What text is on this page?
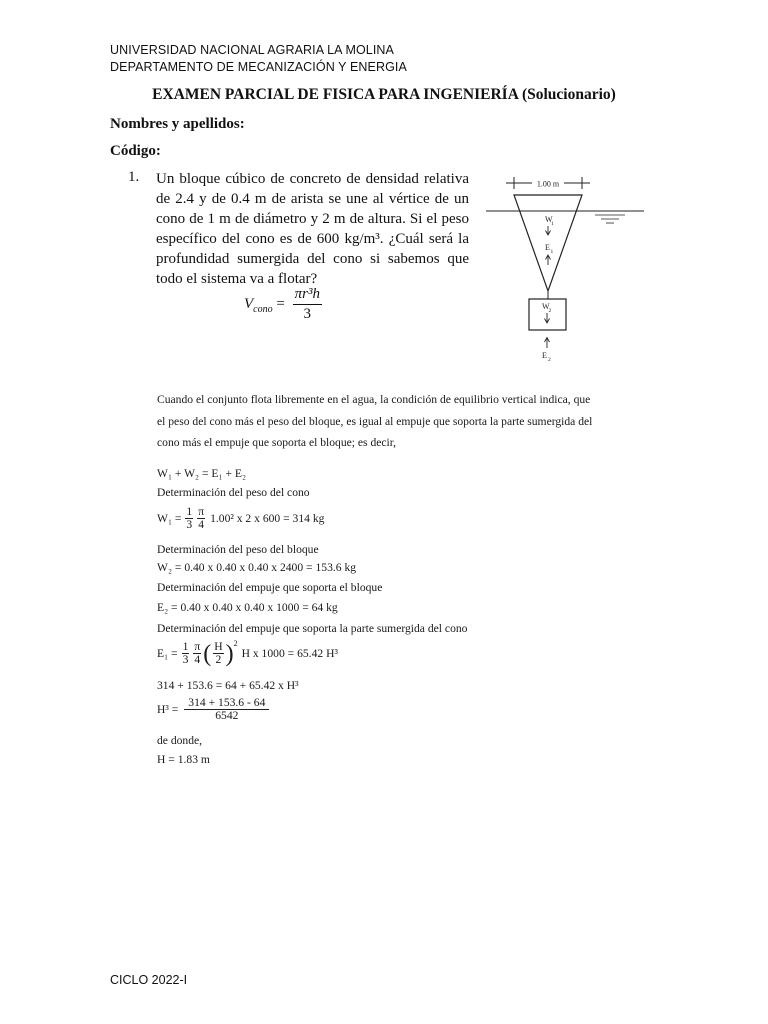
UNIVERSIDAD NACIONAL AGRARIA LA MOLINA
DEPARTAMENTO DE MECANIZACIÓN Y ENERGIA
EXAMEN PARCIAL DE FISICA PARA INGENIERÍA (Solucionario)
Nombres y apellidos:
Código:
1. Un bloque cúbico de concreto de densidad relativa
de 2.4 y de 0.4 m de arista se une al vértice de un
cono de 1 m de diámetro y 2 m de altura. Si el peso
específico del cono es de 600 kg/m³. ¿Cuál será la
profundidad sumergida del cono si sabemos que
todo el sistema va a flotar?
$V_{cono} = \frac{\text{πr³h}}{3}$
1.00 m
W
1
E 1
W
2
E 2
Cuando el conjunto flota libremente en el agua, la condición de equilibrio vertical indica, que
el peso del cono más el peso del bloque, es igual al empuje que soporta la parte sumergida del
cono más el empuje que soporta el bloque; es decir,
W₁ + W₂ = E₁ + E₂
Determinación del peso del cono
$W_1 = \frac{1}{3} \frac{\pi}{4} 1.00^2$ x 2 x 600 = 314 kg
Determinación del peso del bloque
W₂ = 0.40 x 0.40 x 0.40 x 2400 = 153.6 kg
Determinación del empuje que soporta el bloque
E₂ = 0.40 x 0.40 x 0.40 x 1000 = 64 kg
Determinación del empuje que soporta la parte sumergida del cono
$E_1 = \frac{1}{3} \frac{\pi}{4}$ ( $\frac{H}{2}$ ) 2
H x 1000 = 65.42 H³
314 + 153.6 = 64 + 65.42 x H³
$H^3 = \frac{314 + 153.6 - 64}{6542}$
de donde,
H = 1.83 m
CICLO 2022-I
